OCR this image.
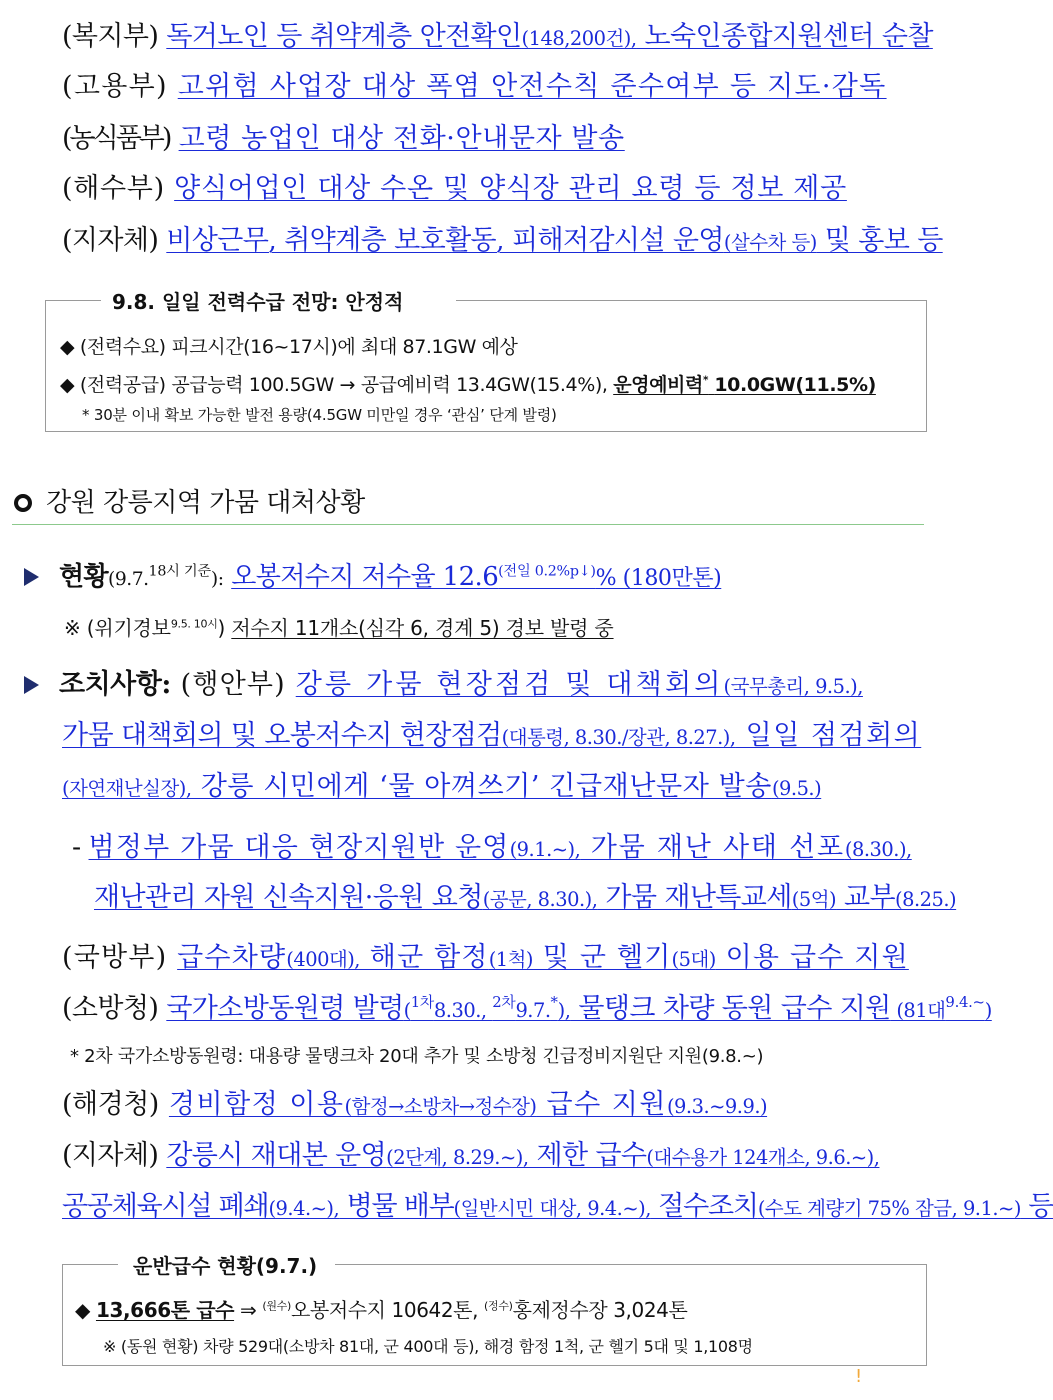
(복지부) 독거노인 등 취약계층 안전확인(148,200건), 노숙인종합지원센터 순찰
(고용부) 고위험 사업장 대상 폭염 안전수칙 준수여부 등 지도·감독
(농식품부) 고령 농업인 대상 전화·안내문자 발송
(해수부) 양식어업인 대상 수온 및 양식장 관리 요령 등 정보 제공
(지자체) 비상근무, 취약계층 보호활동, 피해저감시설 운영(살수차 등) 및 홍보 등
9.8. 일일 전력수급 전망: 안정적
◆ (전력수요) 피크시간(16~17시)에 최대 87.1GW 예상
◆ (전력공급) 공급능력 100.5GW → 공급예비력 13.4GW(15.4%), 운영예비력* 10.0GW(11.5%)
* 30분 이내 확보 가능한 발전 용량(4.5GW 미만일 경우 ‘관심’ 단계 발령)
강원 강릉지역 가뭄 대처상황
현황(9.7.$^{18시 기준}$): 오봉저수지 저수율 $12.6^{(전일 0.2\%p↓)}\%$ (180만톤)
※ (위기경보$^{9.5. 10시}$) 저수지 11개소(심각 6, 경계 5) 경보 발령 중
조치사항: (행안부) 강릉 가뭄 현장점검 및 대책회의(국무총리, 9.5.),
가뭄 대책회의 및 오봉저수지 현장점검(대통령, 8.30./장관, 8.27.), 일일 점검회의
(자연재난실장), 강릉 시민에게 ‘물 아껴쓰기’ 긴급재난문자 발송(9.5.)
- 범정부 가뭄 대응 현장지원반 운영(9.1.~), 가뭄 재난 사태 선포(8.30.),
재난관리 자원 신속지원·응원 요청(공문, 8.30.), 가뭄 재난특교세(5억) 교부(8.25.)
(국방부) 급수차량(400대), 해군 함정(1척) 및 군 헬기(5대) 이용 급수 지원
(소방청) 국가소방동원령 발령($^{1차}$8.30., $^{2차}$9.7.*), 물탱크 차량 동원 급수 지원 (81대$^{9.4.\sim}$)
* 2차 국가소방동원령: 대용량 물탱크차 20대 추가 및 소방청 긴급정비지원단 지원(9.8.~)
(해경청) 경비함정 이용(함정→소방차→정수장) 급수 지원(9.3.~9.9.)
(지자체) 강릉시 재대본 운영(2단계, 8.29.~), 제한 급수(대수용가 124개소, 9.6.~),
공공체육시설 폐쇄(9.4.~), 병물 배부(일반시민 대상, 9.4.~), 절수조치(수도 계량기 75% 잠금, 9.1.~) 등
운반급수 현황(9.7.)
◆ 13,666톤 급수 ⇒ $^{(원수)}$오봉저수지 10642톤, $^{(정수)}$홍제정수장 3,024톤
※ (동원 현황) 차량 529대(소방차 81대, 군 400대 등), 해경 함정 1척, 군 헬기 5대 및 1,108명
!
